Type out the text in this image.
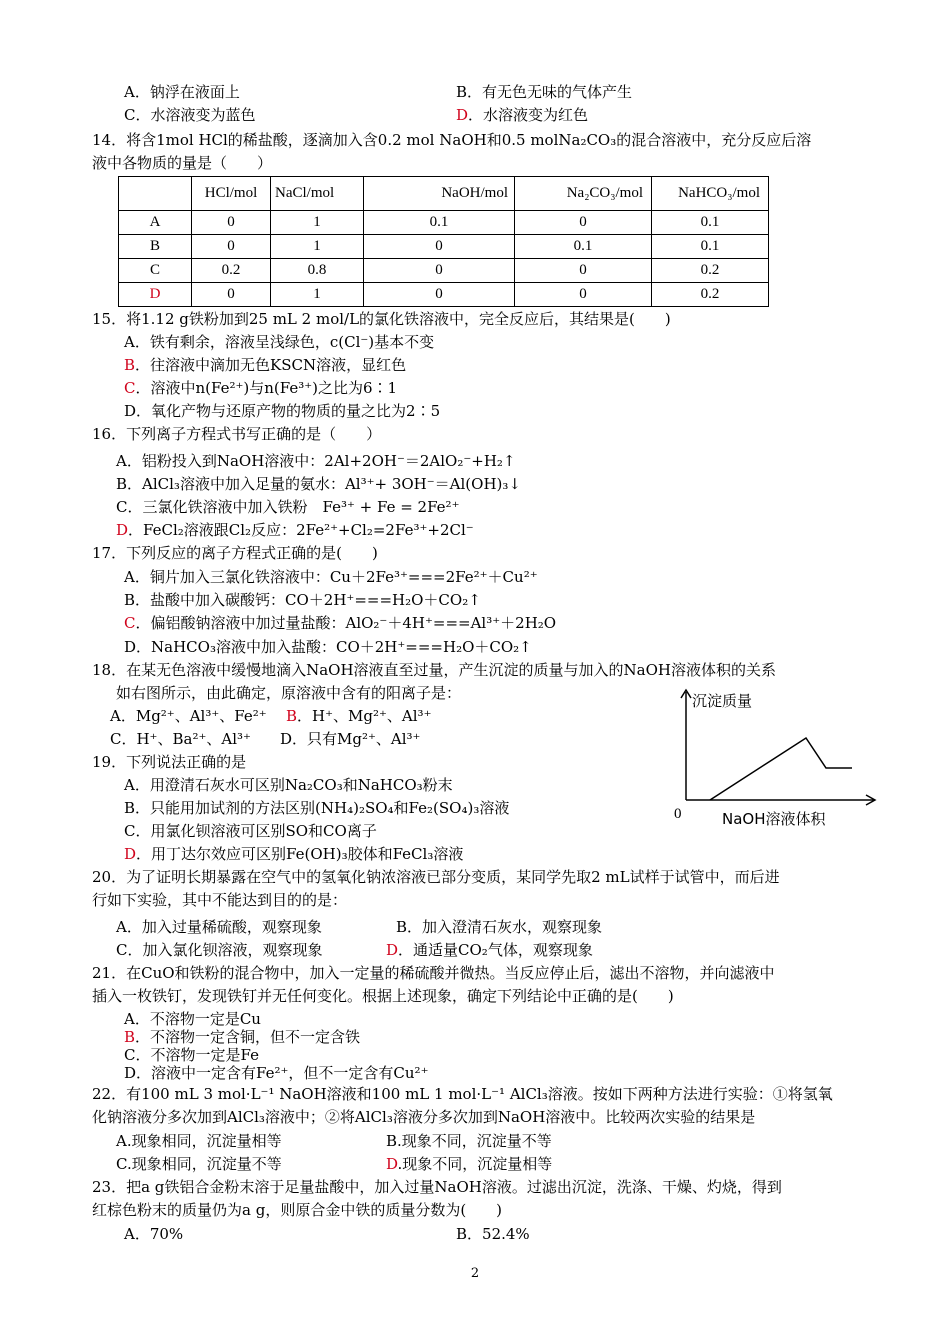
A．钠浮在液面上	B．有无色无味的气体产生
C．水溶液变为蓝色	D．水溶液变为红色
14．将含1mol HCl的稀盐酸，逐滴加入含0.2 mol NaOH和0.5 molNa₂CO₃的混合溶液中，充分反应后溶
液中各物质的量是（　　）
	HCl/mol	NaCl/mol	NaOH/mol	Na₂CO₃/mol	NaHCO₃/mol
A	0	1	0.1	0	0.1
B	0	1	0	0.1	0.1
C	0.2	0.8	0	0	0.2
D	0	1	0	0	0.2
15．将1.12 g铁粉加到25 mL 2 mol/L的氯化铁溶液中，完全反应后，其结果是(　　)
A．铁有剩余，溶液呈浅绿色，c(Cl⁻)基本不变
B．往溶液中滴加无色KSCN溶液，显红色
C．溶液中n(Fe²⁺)与n(Fe³⁺)之比为6∶1
D．氧化产物与还原产物的物质的量之比为2∶5
16．下列离子方程式书写正确的是（　　）
A．铝粉投入到NaOH溶液中：2Al+2OH⁻＝2AlO₂⁻+H₂↑
B．AlCl₃溶液中加入足量的氨水：Al³⁺+ 3OH⁻＝Al(OH)₃↓
C．三氯化铁溶液中加入铁粉　Fe³⁺ + Fe = 2Fe²⁺
D．FeCl₂溶液跟Cl₂反应：2Fe²⁺+Cl₂=2Fe³⁺+2Cl⁻
17．下列反应的离子方程式正确的是(　　)
A．铜片加入三氯化铁溶液中：Cu＋2Fe³⁺===2Fe²⁺＋Cu²⁺
B．盐酸中加入碳酸钙：CO＋2H⁺===H₂O＋CO₂↑
C．偏铝酸钠溶液中加过量盐酸：AlO₂⁻＋4H⁺===Al³⁺＋2H₂O
D．NaHCO₃溶液中加入盐酸：CO＋2H⁺===H₂O＋CO₂↑
18．在某无色溶液中缓慢地滴入NaOH溶液直至过量，产生沉淀的质量与加入的NaOH溶液体积的关系
如右图所示，由此确定，原溶液中含有的阳离子是：
A．Mg²⁺、Al³⁺、Fe²⁺ B．H⁺、Mg²⁺、Al³⁺
C．H⁺、Ba²⁺、Al³⁺ D．只有Mg²⁺、Al³⁺
沉淀质量
0	NaOH溶液体积
19．下列说法正确的是
A．用澄清石灰水可区别Na₂CO₃和NaHCO₃粉末
B．只能用加试剂的方法区别(NH₄)₂SO₄和Fe₂(SO₄)₃溶液
C．用氯化钡溶液可区别SO和CO离子
D．用丁达尔效应可区别Fe(OH)₃胶体和FeCl₃溶液
20．为了证明长期暴露在空气中的氢氧化钠浓溶液已部分变质，某同学先取2 mL试样于试管中，而后进
行如下实验，其中不能达到目的的是：
A．加入过量稀硫酸，观察现象	B．加入澄清石灰水，观察现象
C．加入氯化钡溶液，观察现象	D．通适量CO₂气体，观察现象
21．在CuO和铁粉的混合物中，加入一定量的稀硫酸并微热。当反应停止后，滤出不溶物，并向滤液中
插入一枚铁钉，发现铁钉并无任何变化。根据上述现象，确定下列结论中正确的是(　　)
A．不溶物一定是Cu
B．不溶物一定含铜，但不一定含铁
C．不溶物一定是Fe
D．溶液中一定含有Fe²⁺，但不一定含有Cu²⁺
22．有100 mL 3 mol·L⁻¹ NaOH溶液和100 mL 1 mol·L⁻¹ AlCl₃溶液。按如下两种方法进行实验：①将氢氧
化钠溶液分多次加到AlCl₃溶液中；②将AlCl₃溶液分多次加到NaOH溶液中。比较两次实验的结果是
A.现象相同，沉淀量相等	B.现象不同，沉淀量不等
C.现象相同，沉淀量不等	D.现象不同，沉淀量相等
23．把a g铁铝合金粉末溶于足量盐酸中，加入过量NaOH溶液。过滤出沉淀，洗涤、干燥、灼烧，得到
红棕色粉末的质量仍为a g，则原合金中铁的质量分数为(　　)
A．70%	B．52.4%
2
